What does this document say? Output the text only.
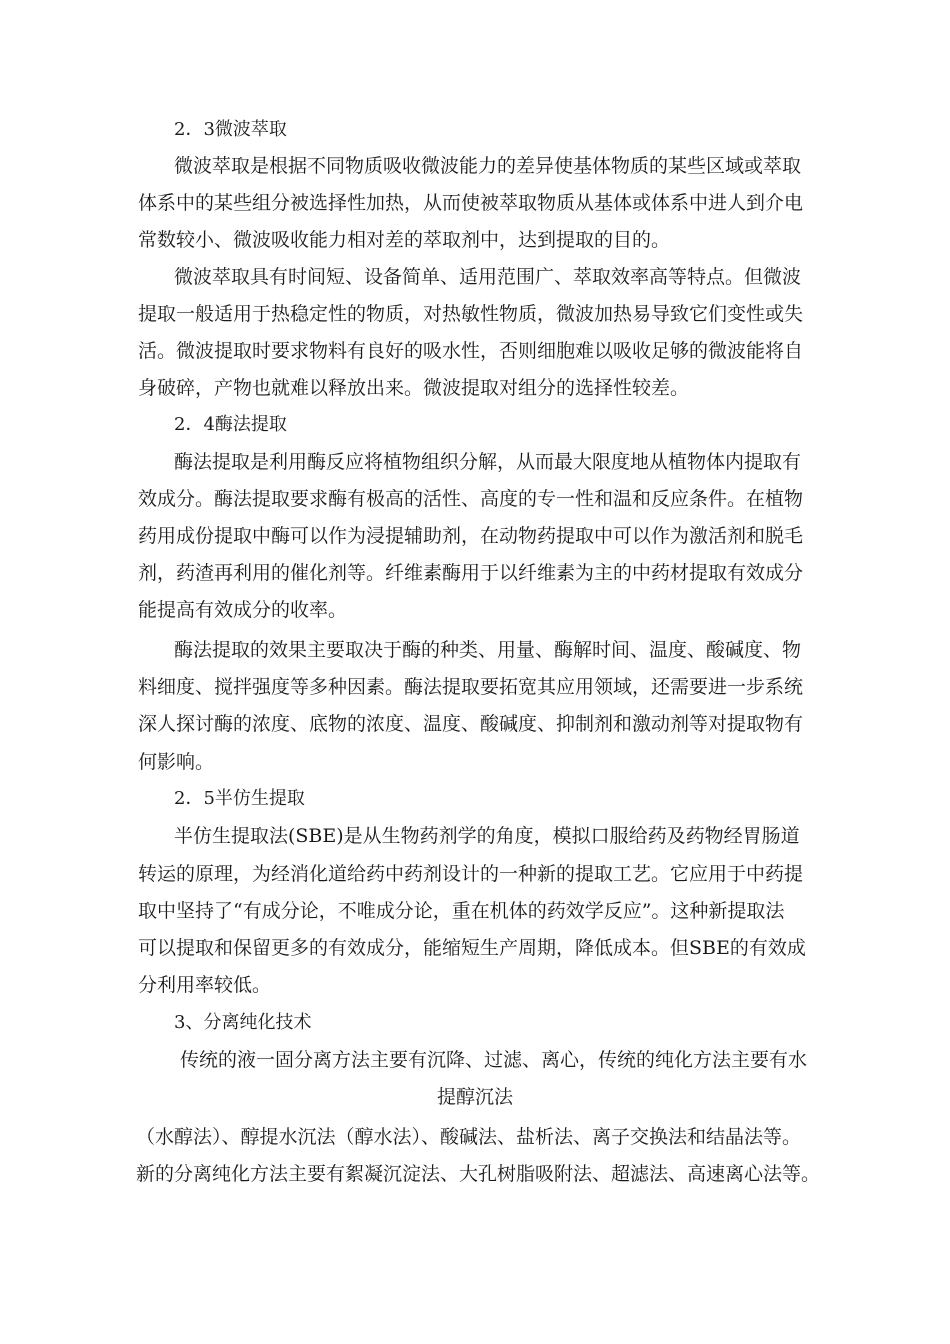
2．3微波萃取
微波萃取是根据不同物质吸收微波能力的差异使基体物质的某些区域或萃取
体系中的某些组分被选择性加热，从而使被萃取物质从基体或体系中进人到介电
常数较小、微波吸收能力相对差的萃取剂中，达到提取的目的。
微波萃取具有时间短、设备简单、适用范围广、萃取效率高等特点。但微波
提取一般适用于热稳定性的物质，对热敏性物质，微波加热易导致它们变性或失
活。微波提取时要求物料有良好的吸水性，否则细胞难以吸收足够的微波能将自
身破碎，产物也就难以释放出来。微波提取对组分的选择性较差。
2．4酶法提取
酶法提取是利用酶反应将植物组织分解，从而最大限度地从植物体内提取有
效成分。酶法提取要求酶有极高的活性、高度的专一性和温和反应条件。在植物
药用成份提取中酶可以作为浸提辅助剂，在动物药提取中可以作为激活剂和脱毛
剂，药渣再利用的催化剂等。纤维素酶用于以纤维素为主的中药材提取有效成分
能提高有效成分的收率。
酶法提取的效果主要取决于酶的种类、用量、酶解时间、温度、酸碱度、物
料细度、搅拌强度等多种因素。酶法提取要拓宽其应用领域，还需要进一步系统
深人探讨酶的浓度、底物的浓度、温度、酸碱度、抑制剂和激动剂等对提取物有
何影响。
2．5半仿生提取
半仿生提取法(SBE)是从生物药剂学的角度，模拟口服给药及药物经胃肠道
转运的原理，为经消化道给药中药剂设计的一种新的提取工艺。它应用于中药提
取中坚持了“有成分论，不唯成分论，重在机体的药效学反应”。这种新提取法
可以提取和保留更多的有效成分，能缩短生产周期，降低成本。但SBE的有效成
分利用率较低。
3、分离纯化技术
传统的液一固分离方法主要有沉降、过滤、离心，传统的纯化方法主要有水
提醇沉法
（水醇法）、醇提水沉法（醇水法）、酸碱法、盐析法、离子交换法和结晶法等。
新的分离纯化方法主要有絮凝沉淀法、大孔树脂吸附法、超滤法、高速离心法等。
